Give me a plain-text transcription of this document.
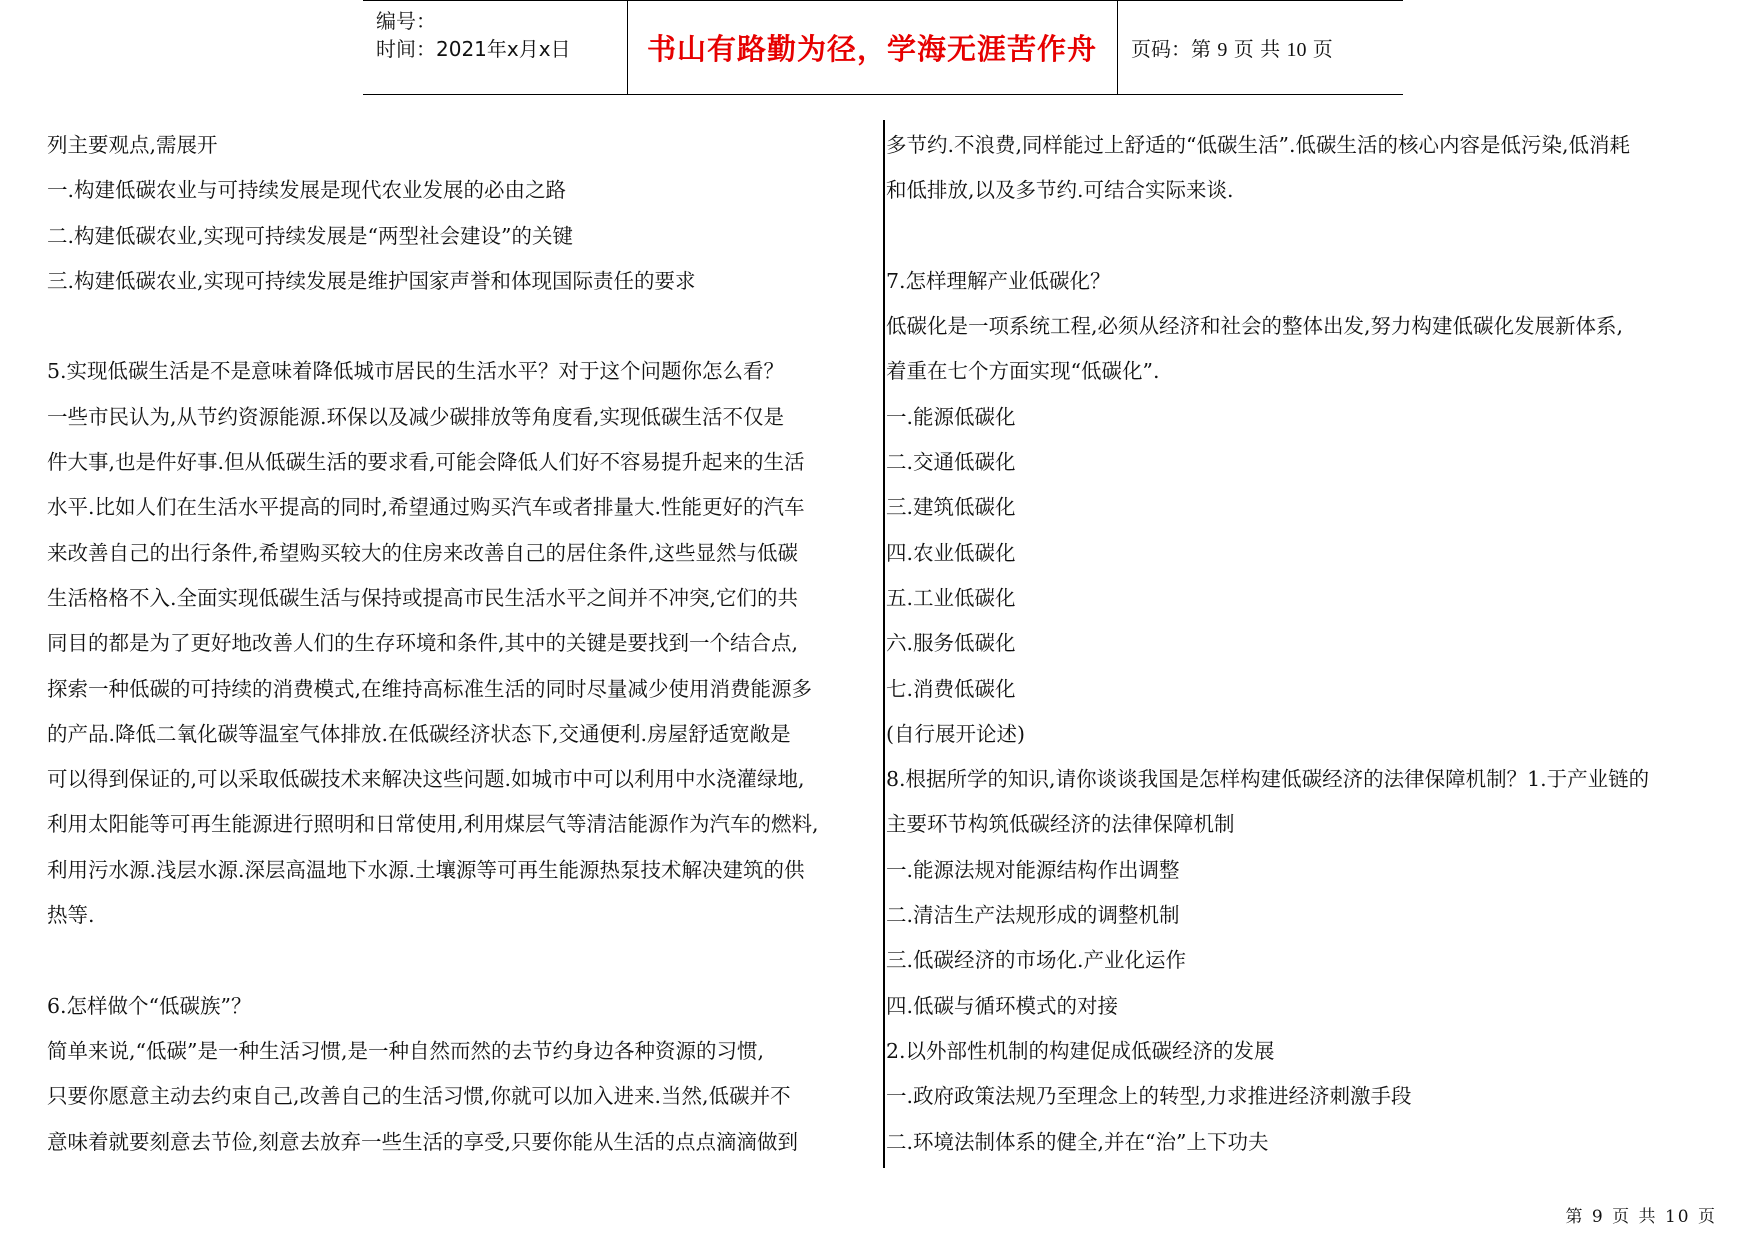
编号：
时间：2021年x月x日	书山有路勤为径，学海无涯苦作舟	页码：第 9 页 共 10 页

列主要观点,需展开

一.构建低碳农业与可持续发展是现代农业发展的必由之路

二.构建低碳农业,实现可持续发展是“两型社会建设”的关键

三.构建低碳农业,实现可持续发展是维护国家声誉和体现国际责任的要求

5.实现低碳生活是不是意味着降低城市居民的生活水平？对于这个问题你怎么看？

一些市民认为,从节约资源能源.环保以及减少碳排放等角度看,实现低碳生活不仅是

件大事,也是件好事.但从低碳生活的要求看,可能会降低人们好不容易提升起来的生活

水平.比如人们在生活水平提高的同时,希望通过购买汽车或者排量大.性能更好的汽车

来改善自己的出行条件,希望购买较大的住房来改善自己的居住条件,这些显然与低碳

生活格格不入.全面实现低碳生活与保持或提高市民生活水平之间并不冲突,它们的共

同目的都是为了更好地改善人们的生存环境和条件,其中的关键是要找到一个结合点,

探索一种低碳的可持续的消费模式,在维持高标准生活的同时尽量减少使用消费能源多

的产品.降低二氧化碳等温室气体排放.在低碳经济状态下,交通便利.房屋舒适宽敞是

可以得到保证的,可以采取低碳技术来解决这些问题.如城市中可以利用中水浇灌绿地,

利用太阳能等可再生能源进行照明和日常使用,利用煤层气等清洁能源作为汽车的燃料,

利用污水源.浅层水源.深层高温地下水源.土壤源等可再生能源热泵技术解决建筑的供

热等.

6.怎样做个“低碳族”？

简单来说,“低碳”是一种生活习惯,是一种自然而然的去节约身边各种资源的习惯,

只要你愿意主动去约束自己,改善自己的生活习惯,你就可以加入进来.当然,低碳并不

意味着就要刻意去节俭,刻意去放弃一些生活的享受,只要你能从生活的点点滴滴做到

多节约.不浪费,同样能过上舒适的“低碳生活”.低碳生活的核心内容是低污染,低消耗

和低排放,以及多节约.可结合实际来谈.

7.怎样理解产业低碳化？

低碳化是一项系统工程,必须从经济和社会的整体出发,努力构建低碳化发展新体系,

着重在七个方面实现“低碳化”.

一.能源低碳化

二.交通低碳化

三.建筑低碳化

四.农业低碳化

五.工业低碳化

六.服务低碳化

七.消费低碳化

(自行展开论述)

8.根据所学的知识,请你谈谈我国是怎样构建低碳经济的法律保障机制？1.于产业链的

主要环节构筑低碳经济的法律保障机制

一.能源法规对能源结构作出调整

二.清洁生产法规形成的调整机制

三.低碳经济的市场化.产业化运作

四.低碳与循环模式的对接

2.以外部性机制的构建促成低碳经济的发展

一.政府政策法规乃至理念上的转型,力求推进经济刺激手段

二.环境法制体系的健全,并在“治”上下功夫

第 9 页 共 10 页
